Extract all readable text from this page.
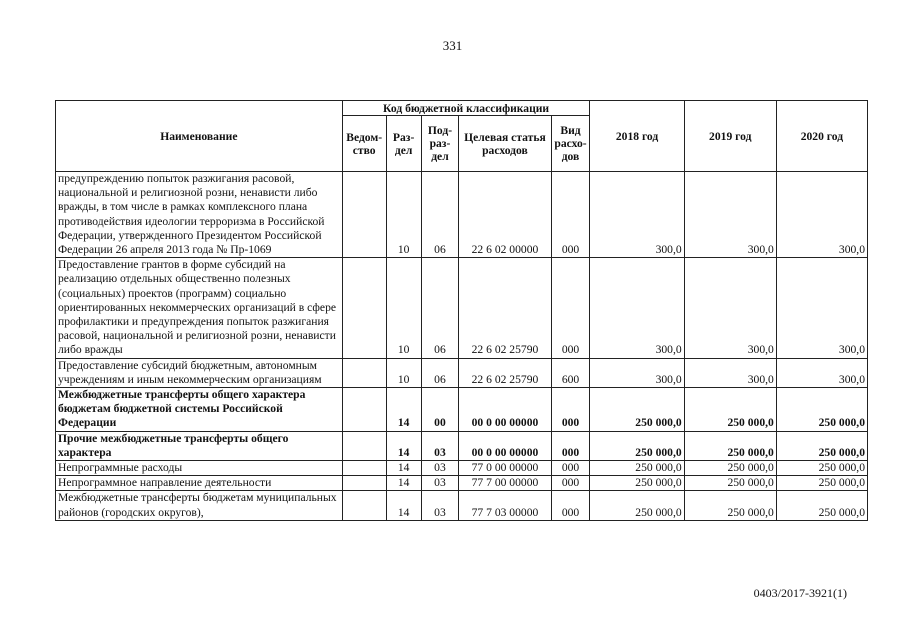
331
Наименование	Код бюджетной классификации					2018 год	2019 год	2020 год
	Ведом-ство	Раз-дел	Под-раз-дел	Целевая статья расходов	Вид расхо-дов			
предупреждению попыток разжигания расовой, национальной и религиозной розни, ненависти либо вражды, в том числе в рамках комплексного плана противодействия идеологии терроризма в Российской Федерации, утвержденного Президентом Российской Федерации 26 апреля 2013 года № Пр-1069		10	06	22 6 02 00000	000	300,0	300,0	300,0
Предоставление грантов в форме субсидий на реализацию отдельных общественно полезных (социальных) проектов (программ) социально ориентированных некоммерческих организаций в сфере профилактики и предупреждения попыток разжигания расовой, национальной и религиозной розни, ненависти либо вражды		10	06	22 6 02 25790	000	300,0	300,0	300,0
Предоставление субсидий бюджетным, автономным учреждениям и иным некоммерческим организациям		10	06	22 6 02 25790	600	300,0	300,0	300,0
Межбюджетные трансферты общего характера бюджетам бюджетной системы Российской Федерации		14	00	00 0 00 00000	000	250 000,0	250 000,0	250 000,0
Прочие межбюджетные трансферты общего характера		14	03	00 0 00 00000	000	250 000,0	250 000,0	250 000,0
Непрограммные расходы		14	03	77 0 00 00000	000	250 000,0	250 000,0	250 000,0
Непрограммное направление деятельности		14	03	77 7 00 00000	000	250 000,0	250 000,0	250 000,0
Межбюджетные трансферты бюджетам муниципальных районов (городских округов),		14	03	77 7 03 00000	000	250 000,0	250 000,0	250 000,0
0403/2017-3921(1)
